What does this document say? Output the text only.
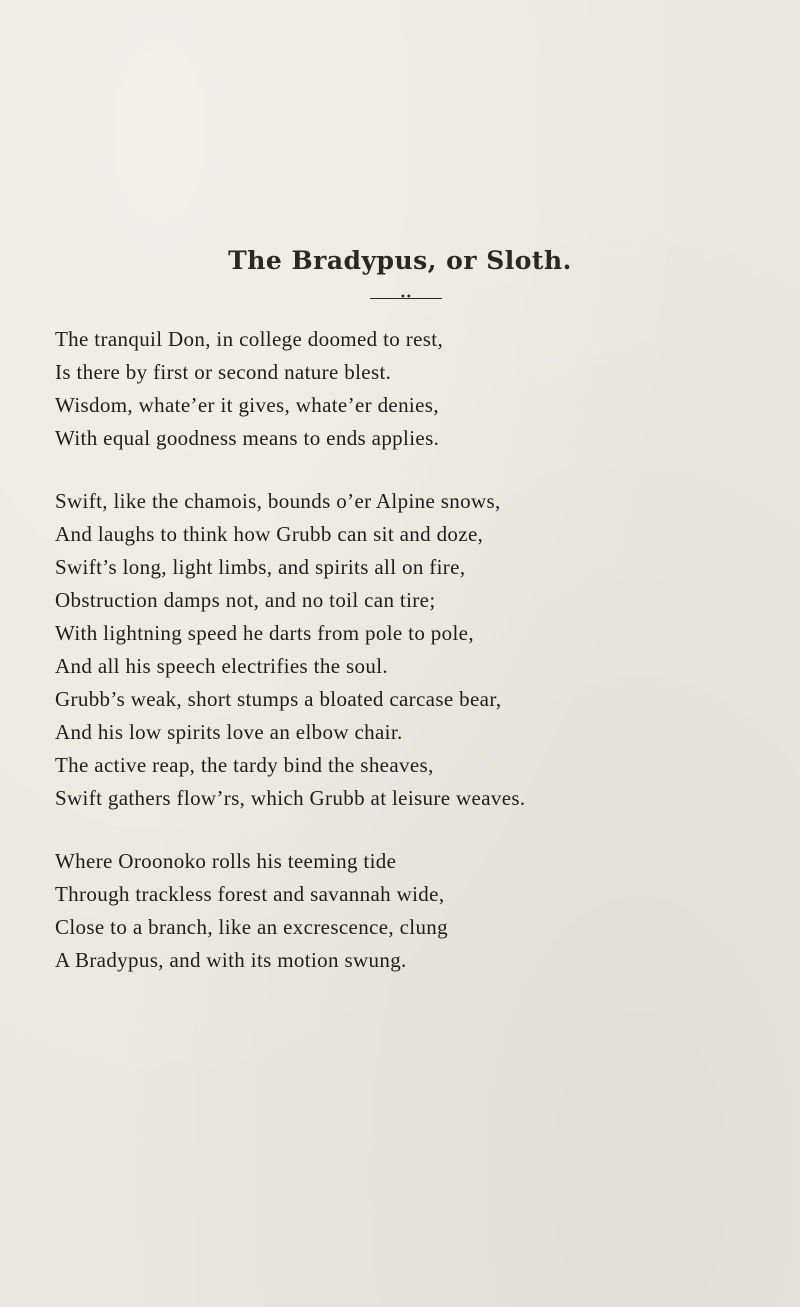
The Bradypus, or Sloth.
••
The tranquil Don, in college doomed to rest,
Is there by first or second nature blest.
Wisdom, whate’er it gives, whate’er denies,
With equal goodness means to ends applies.
Swift, like the chamois, bounds o’er Alpine snows,
And laughs to think how Grubb can sit and doze,
Swift’s long, light limbs, and spirits all on fire,
Obstruction damps not, and no toil can tire;
With lightning speed he darts from pole to pole,
And all his speech electrifies the soul.
Grubb’s weak, short stumps a bloated carcase bear,
And his low spirits love an elbow chair.
The active reap, the tardy bind the sheaves,
Swift gathers flow’rs, which Grubb at leisure weaves.
Where Oroonoko rolls his teeming tide
Through trackless forest and savannah wide,
Close to a branch, like an excrescence, clung
A Bradypus, and with its motion swung.
